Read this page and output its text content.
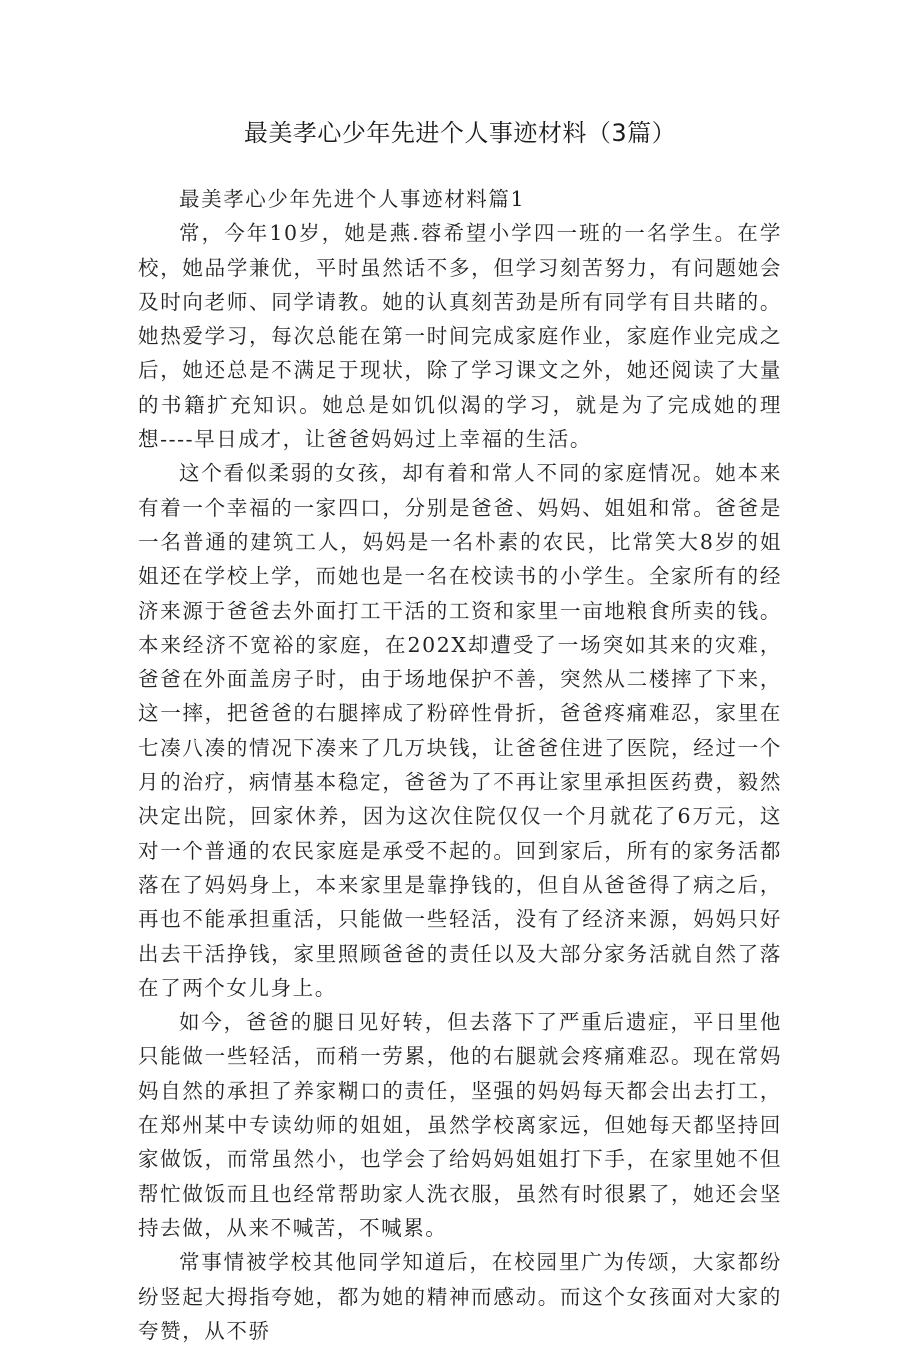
最美孝心少年先进个人事迹材料（3篇）

最美孝心少年先进个人事迹材料篇1

常，今年10岁，她是燕.蓉希望小学四一班的一名学生。在学校，她品学兼优，平时虽然话不多，但学习刻苦努力，有问题她会及时向老师、同学请教。她的认真刻苦劲是所有同学有目共睹的。她热爱学习，每次总能在第一时间完成家庭作业，家庭作业完成之后，她还总是不满足于现状，除了学习课文之外，她还阅读了大量的书籍扩充知识。她总是如饥似渴的学习，就是为了完成她的理想----早日成才，让爸爸妈妈过上幸福的生活。

这个看似柔弱的女孩，却有着和常人不同的家庭情况。她本来有着一个幸福的一家四口，分别是爸爸、妈妈、姐姐和常。爸爸是一名普通的建筑工人，妈妈是一名朴素的农民，比常笑大8岁的姐姐还在学校上学，而她也是一名在校读书的小学生。全家所有的经济来源于爸爸去外面打工干活的工资和家里一亩地粮食所卖的钱。本来经济不宽裕的家庭，在202X却遭受了一场突如其来的灾难，爸爸在外面盖房子时，由于场地保护不善，突然从二楼摔了下来，这一摔，把爸爸的右腿摔成了粉碎性骨折，爸爸疼痛难忍，家里在七凑八凑的情况下凑来了几万块钱，让爸爸住进了医院，经过一个月的治疗，病情基本稳定，爸爸为了不再让家里承担医药费，毅然决定出院，回家休养，因为这次住院仅仅一个月就花了6万元，这对一个普通的农民家庭是承受不起的。回到家后，所有的家务活都落在了妈妈身上，本来家里是靠挣钱的，但自从爸爸得了病之后，再也不能承担重活，只能做一些轻活，没有了经济来源，妈妈只好出去干活挣钱，家里照顾爸爸的责任以及大部分家务活就自然了落在了两个女儿身上。

如今，爸爸的腿日见好转，但去落下了严重后遗症，平日里他只能做一些轻活，而稍一劳累，他的右腿就会疼痛难忍。现在常妈妈自然的承担了养家糊口的责任，坚强的妈妈每天都会出去打工，在郑州某中专读幼师的姐姐，虽然学校离家远，但她每天都坚持回家做饭，而常虽然小，也学会了给妈妈姐姐打下手，在家里她不但帮忙做饭而且也经常帮助家人洗衣服，虽然有时很累了，她还会坚持去做，从来不喊苦，不喊累。

常事情被学校其他同学知道后，在校园里广为传颂，大家都纷纷竖起大拇指夸她，都为她的精神而感动。而这个女孩面对大家的夸赞，从不骄
